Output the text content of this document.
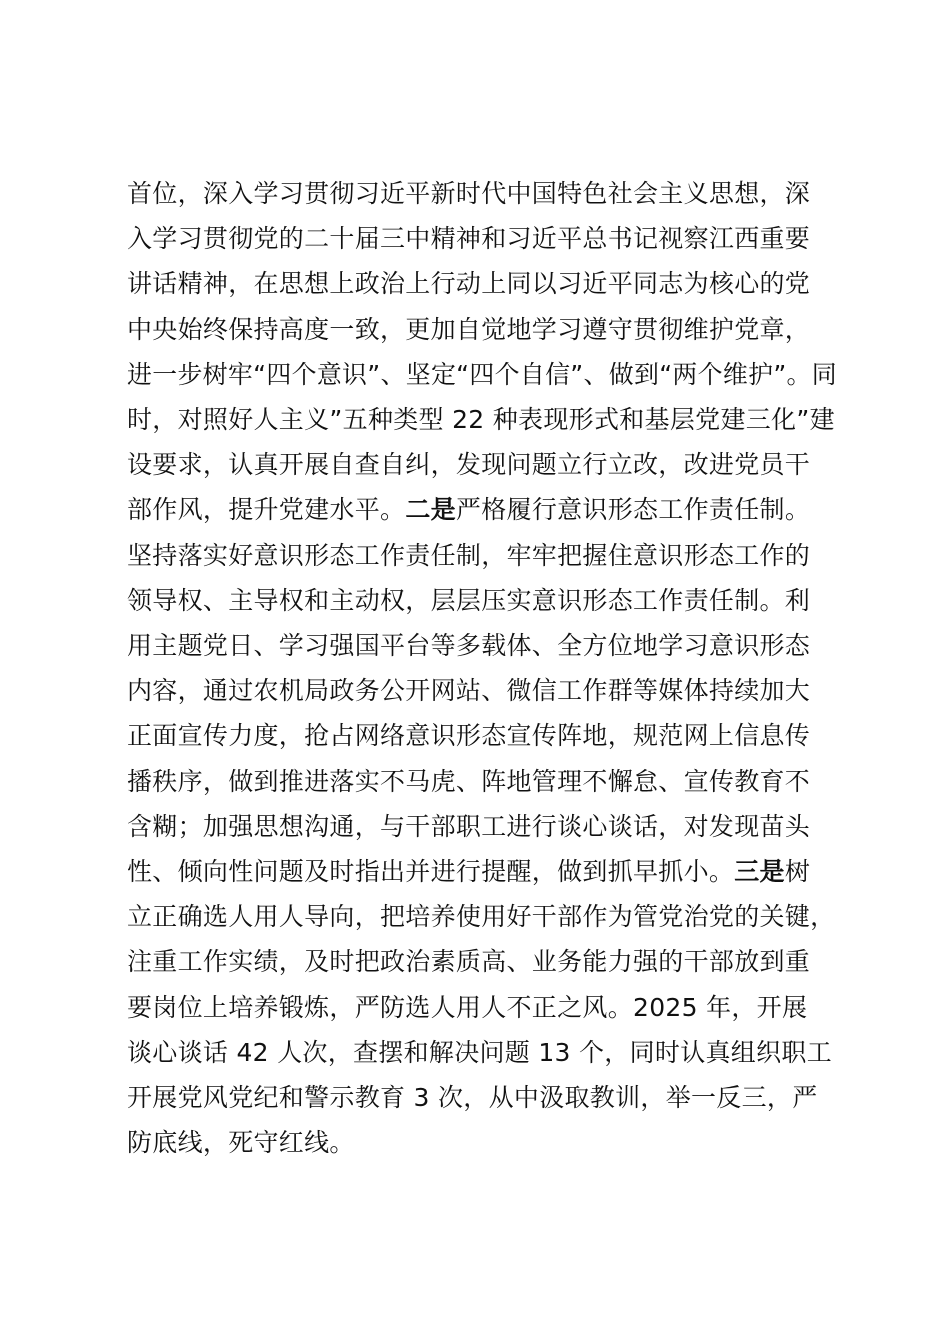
首位，深入学习贯彻习近平新时代中国特色社会主义思想，深
入学习贯彻党的二十届三中精神和习近平总书记视察江西重要
讲话精神，在思想上政治上行动上同以习近平同志为核心的党
中央始终保持高度一致，更加自觉地学习遵守贯彻维护党章，
进一步树牢“四个意识”、坚定“四个自信”、做到“两个维护”。同
时，对照好人主义”五种类型 22 种表现形式和基层党建三化”建
设要求，认真开展自查自纠，发现问题立行立改，改进党员干
部作风，提升党建水平。二是严格履行意识形态工作责任制。
坚持落实好意识形态工作责任制，牢牢把握住意识形态工作的
领导权、主导权和主动权，层层压实意识形态工作责任制。利
用主题党日、学习强国平台等多载体、全方位地学习意识形态
内容，通过农机局政务公开网站、微信工作群等媒体持续加大
正面宣传力度，抢占网络意识形态宣传阵地，规范网上信息传
播秩序，做到推进落实不马虎、阵地管理不懈怠、宣传教育不
含糊；加强思想沟通，与干部职工进行谈心谈话，对发现苗头
性、倾向性问题及时指出并进行提醒，做到抓早抓小。三是树
立正确选人用人导向，把培养使用好干部作为管党治党的关键，
注重工作实绩，及时把政治素质高、业务能力强的干部放到重
要岗位上培养锻炼，严防选人用人不正之风。2025 年，开展
谈心谈话 42 人次，查摆和解决问题 13 个，同时认真组织职工
开展党风党纪和警示教育 3 次，从中汲取教训，举一反三，严
防底线，死守红线。
